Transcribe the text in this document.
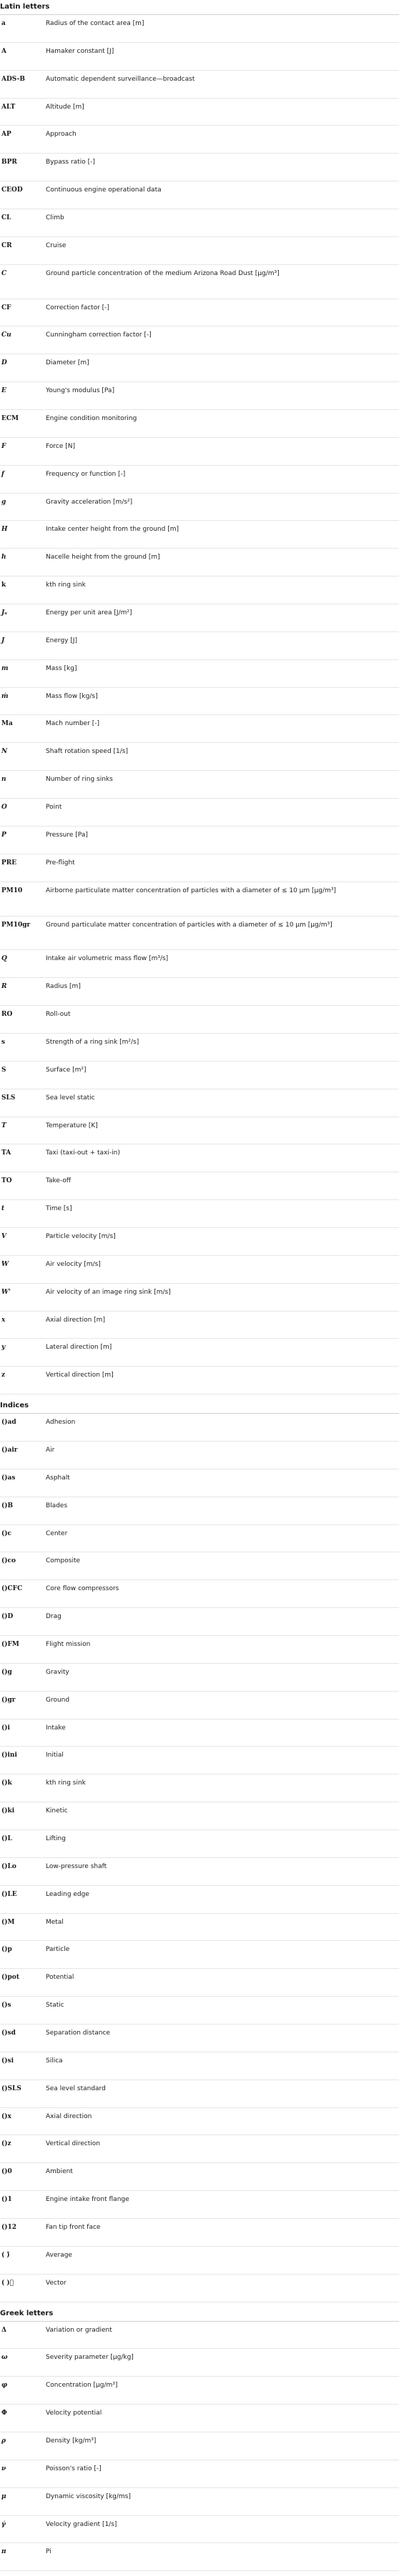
Latin letters
a	Radius of the contact area [m]
A	Hamaker constant [J]
ADS-B	Automatic dependent surveillance—broadcast
ALT	Altitude [m]
AP	Approach
BPR	Bypass ratio [-]
CEOD	Continuous engine operational data
CL	Climb
CR	Cruise
C	Ground particle concentration of the medium Arizona Road Dust [μg/m³]
CF	Correction factor [-]
Cu	Cunningham correction factor [-]
D	Diameter [m]
E	Young's modulus [Pa]
ECM	Engine condition monitoring
F	Force [N]
f	Frequency or function [-]
g	Gravity acceleration [m/s²]
H	Intake center height from the ground [m]
h	Nacelle height from the ground [m]
k	kth ring sink
Jₐ	Energy per unit area [J/m²]
J	Energy [J]
m	Mass [kg]
ṁ	Mass flow [kg/s]
Ma	Mach number [-]
N	Shaft rotation speed [1/s]
n	Number of ring sinks
O	Point
P	Pressure [Pa]
PRE	Pre-flight
PM10	Airborne particulate matter concentration of particles with a diameter of ≤ 10 μm [μg/m³]
PM10gr	Ground particulate matter concentration of particles with a diameter of ≤ 10 μm [μg/m³]
Q	Intake air volumetric mass flow [m³/s]
R	Radius [m]
RO	Roll-out
s	Strength of a ring sink [m²/s]
S	Surface [m²]
SLS	Sea level static
T	Temperature [K]
TA	Taxi (taxi-out + taxi-in)
TO	Take-off
t	Time [s]
V	Particle velocity [m/s]
W	Air velocity [m/s]
W'	Air velocity of an image ring sink [m/s]
x	Axial direction [m]
y	Lateral direction [m]
z	Vertical direction [m]
Indices
()ad	Adhesion
()air	Air
()as	Asphalt
()B	Blades
()c	Center
()co	Composite
()CFC	Core flow compressors
()D	Drag
()FM	Flight mission
()g	Gravity
()gr	Ground
()i	Intake
()ini	Initial
()k	kth ring sink
()ki	Kinetic
()L	Lifting
()Lo	Low-pressure shaft
()LE	Leading edge
()M	Metal
()p	Particle
()pot	Potential
()s	Static
()sd	Separation distance
()si	Silica
()SLS	Sea level standard
()x	Axial direction
()z	Vertical direction
()0	Ambient
()1	Engine intake front flange
()12	Fan tip front face
( )̄	Average
( )⃗	Vector
Greek letters
Δ	Variation or gradient
ω	Severity parameter [μg/kg]
φ	Concentration [μg/m³]
Φ	Velocity potential
ρ	Density [kg/m³]
ν	Poisson's ratio [-]
μ	Dynamic viscosity [kg/ms]
γ̇	Velocity gradient [1/s]
π	Pi
